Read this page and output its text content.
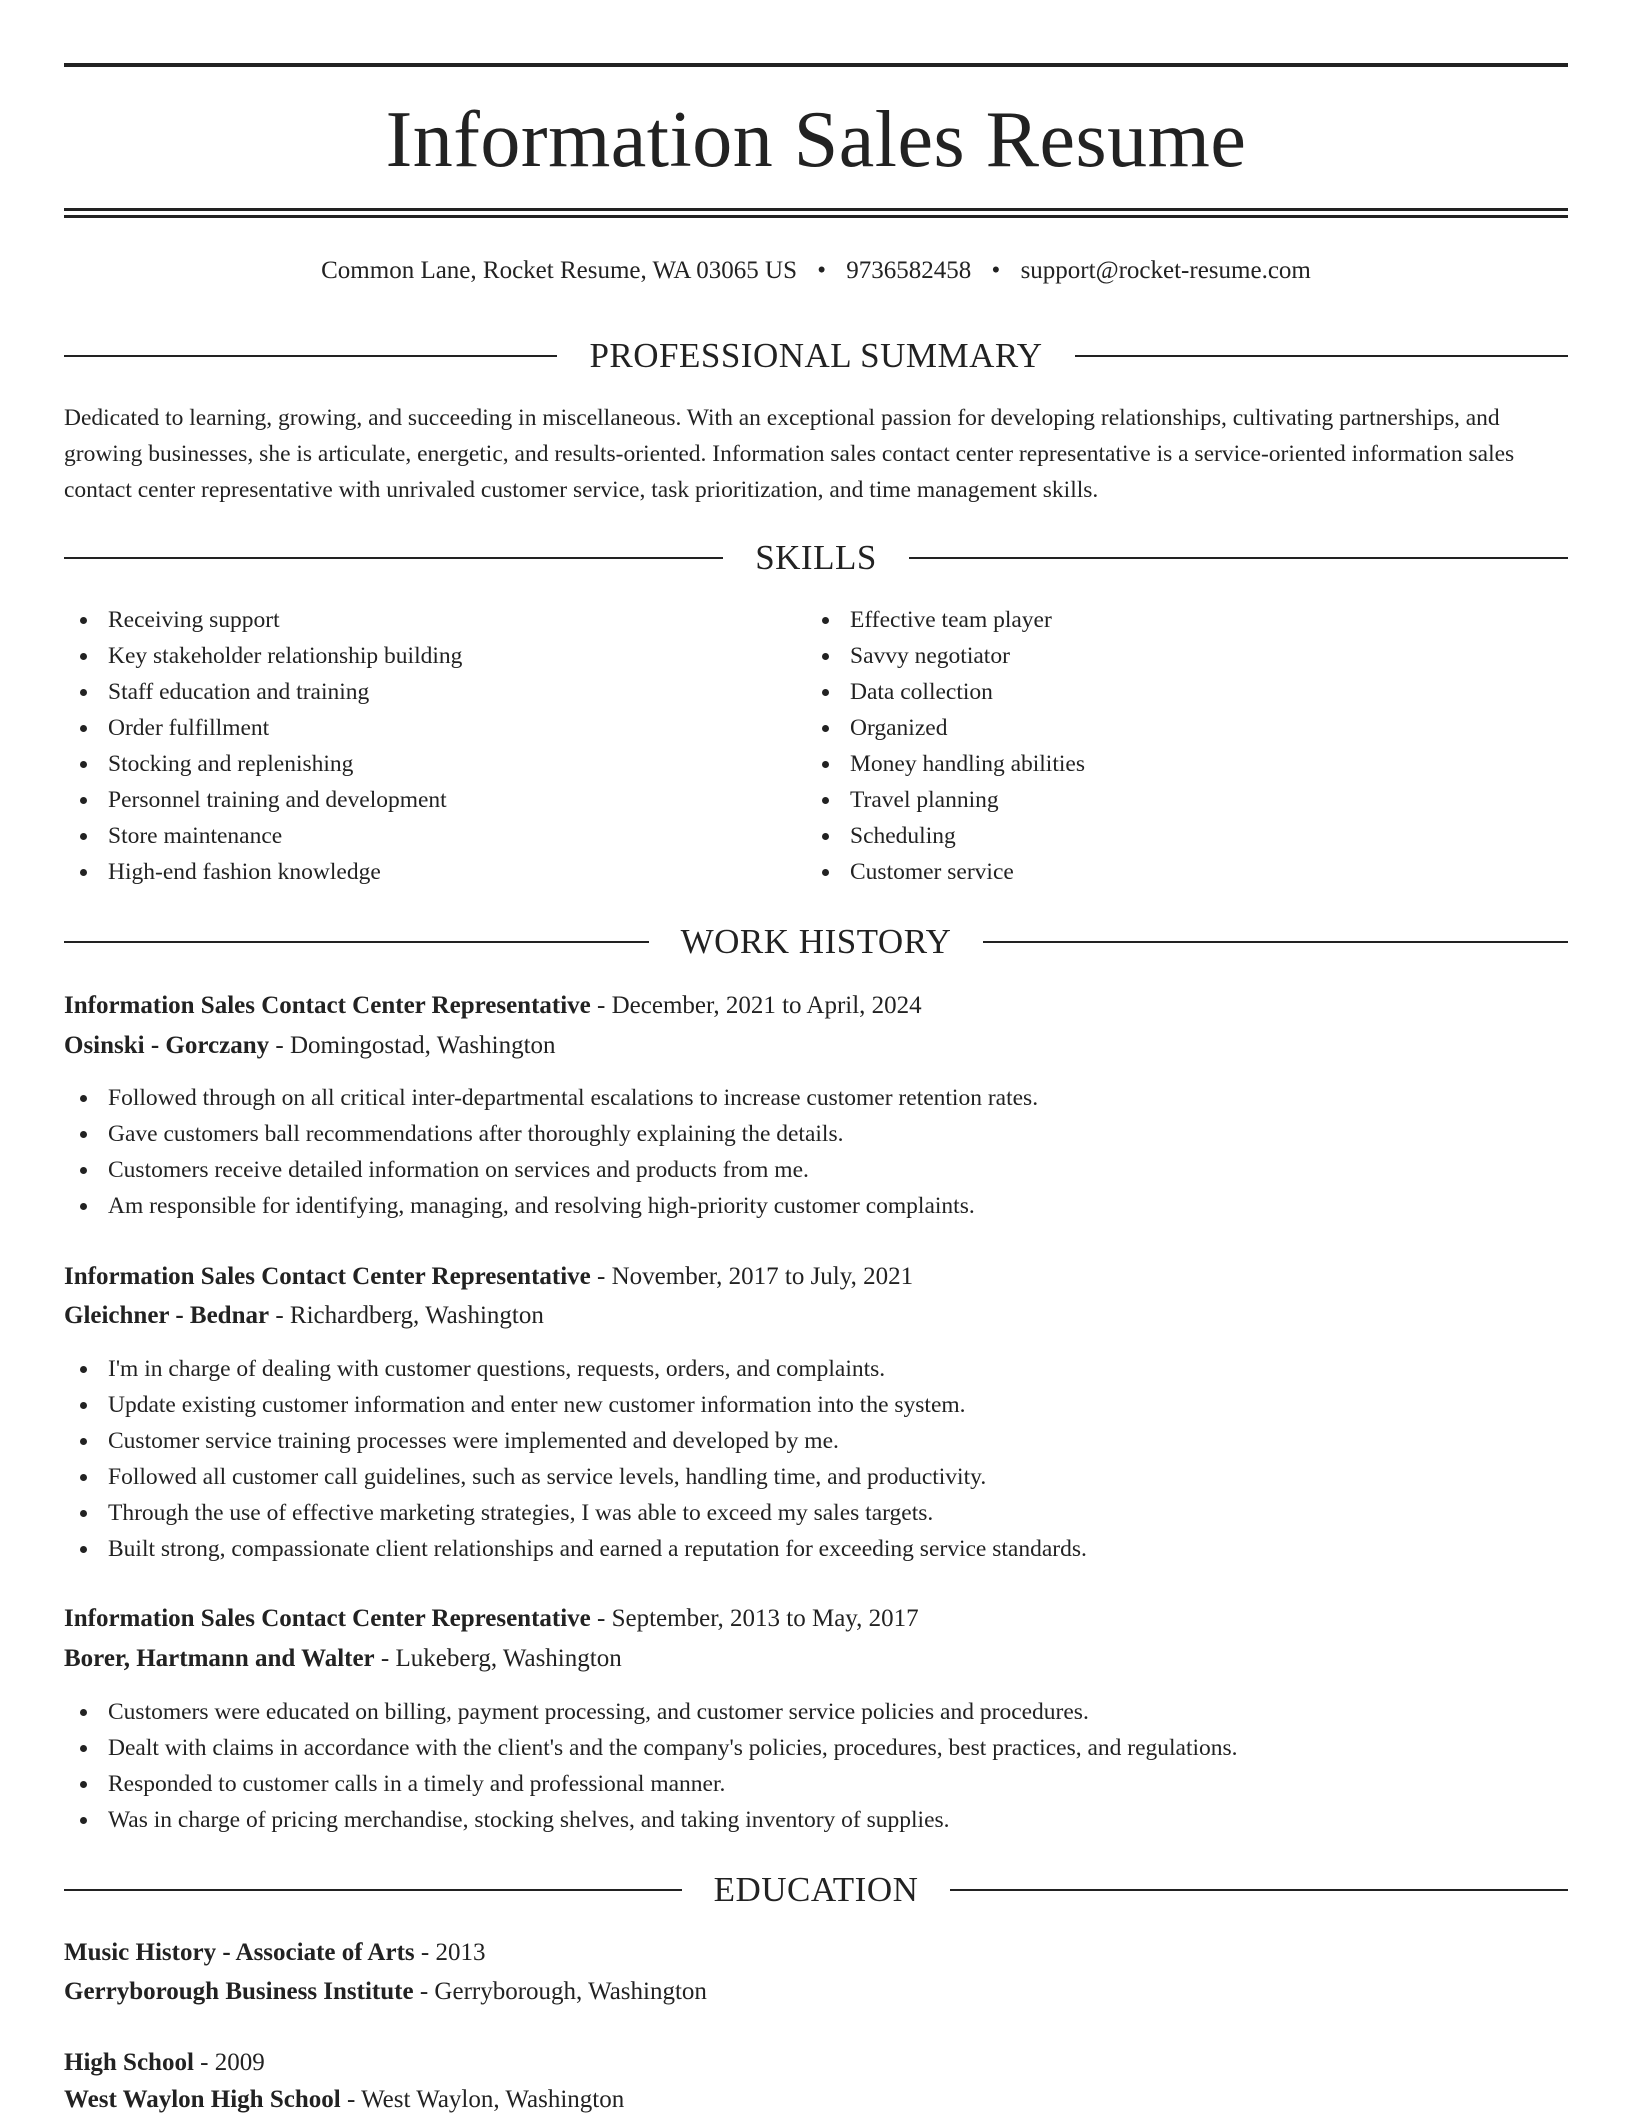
Information Sales Resume
Common Lane, Rocket Resume, WA 03065 US • 9736582458 • support@rocket-resume.com
PROFESSIONAL SUMMARY

Dedicated to learning, growing, and succeeding in miscellaneous. With an exceptional passion for developing relationships, cultivating partnerships, and growing businesses, she is articulate, energetic, and results-oriented. Information sales contact center representative is a service-oriented information sales contact center representative with unrivaled customer service, task prioritization, and time management skills.

SKILLS
Receiving support
Key stakeholder relationship building
Staff education and training
Order fulfillment
Stocking and replenishing
Personnel training and development
Store maintenance
High-end fashion knowledge
Effective team player
Savvy negotiator
Data collection
Organized
Money handling abilities
Travel planning
Scheduling
Customer service
WORK HISTORY
Information Sales Contact Center Representative - December, 2021 to April, 2024
Osinski - Gorczany - Domingostad, Washington
Followed through on all critical inter-departmental escalations to increase customer retention rates.
Gave customers ball recommendations after thoroughly explaining the details.
Customers receive detailed information on services and products from me.
Am responsible for identifying, managing, and resolving high-priority customer complaints.
Information Sales Contact Center Representative - November, 2017 to July, 2021
Gleichner - Bednar - Richardberg, Washington
I'm in charge of dealing with customer questions, requests, orders, and complaints.
Update existing customer information and enter new customer information into the system.
Customer service training processes were implemented and developed by me.
Followed all customer call guidelines, such as service levels, handling time, and productivity.
Through the use of effective marketing strategies, I was able to exceed my sales targets.
Built strong, compassionate client relationships and earned a reputation for exceeding service standards.
Information Sales Contact Center Representative - September, 2013 to May, 2017
Borer, Hartmann and Walter - Lukeberg, Washington
Customers were educated on billing, payment processing, and customer service policies and procedures.
Dealt with claims in accordance with the client's and the company's policies, procedures, best practices, and regulations.
Responded to customer calls in a timely and professional manner.
Was in charge of pricing merchandise, stocking shelves, and taking inventory of supplies.
EDUCATION
Music History - Associate of Arts - 2013
Gerryborough Business Institute - Gerryborough, Washington
High School - 2009
West Waylon High School - West Waylon, Washington
